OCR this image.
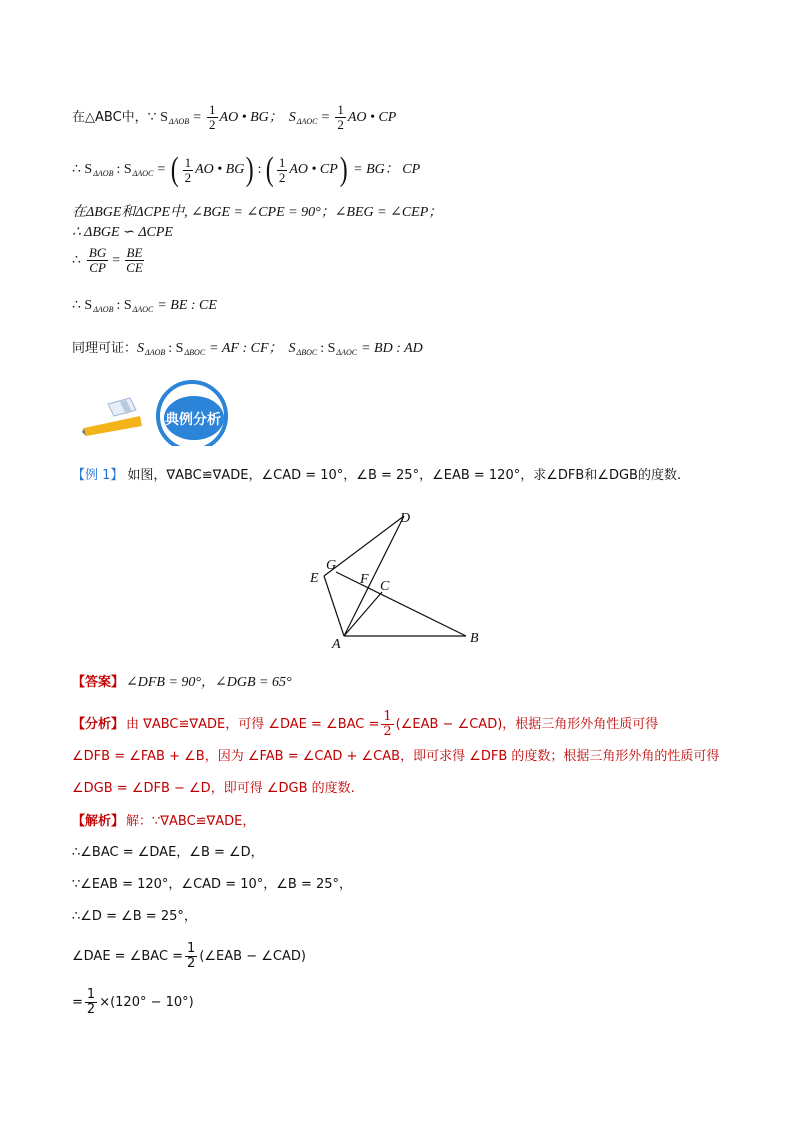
在△ABC中， ∵ S $\Delta AOB = \frac{1}{2}$ AO • BG； S $\Delta AOC = \frac{1}{2}$ AO • CP
∴ S ΔAOB : S ΔAOC = ( $\frac{1}{2}$ AO • BG ) : ( $\frac{1}{2}$ AO • CP ) = BG： CP
在ΔBGE和ΔCPE中, ∠BGE = ∠CPE = 90°；∠BEG = ∠CEP；
∴ ΔBGE ∽ ΔCPE
∴ $\frac{BG}{CP} = \frac{BE}{CE}$
∴ S ΔAOB : S ΔAOC = BE : CE
同理可证： S ΔAOB : S ΔBOC = AF : CF； S ΔBOC : S ΔAOC = BD : AD
典例分析
【例 1】 如图，∇ABC≌∇ADE，∠CAD = 10°，∠B = 25°，∠EAB = 120°，求∠DFB和∠DGB的度数.
D
G
E	F C
A	B
【答案】 ∠DFB = 90°，∠DGB = 65°
【分析】 由 ∇ABC≌∇ADE，可得 ∠DAE = ∠BAC = $\frac{1}{2}$ (∠EAB − ∠CAD)，根据三角形外角性质可得
∠DFB = ∠FAB + ∠B，因为 ∠FAB = ∠CAD + ∠CAB，即可求得 ∠DFB 的度数；根据三角形外角的性质可得
∠DGB = ∠DFB − ∠D，即可得 ∠DGB 的度数.
【解析】 解：∵∇ABC≌∇ADE，
∴∠BAC = ∠DAE，∠B = ∠D，
∵∠EAB = 120°，∠CAD = 10°，∠B = 25°，
∴∠D = ∠B = 25°，
∠DAE = ∠BAC = $\frac{1}{2}$ (∠EAB − ∠CAD)
= $\frac{1}{2} \times(120^\circ - 10^\circ)$
